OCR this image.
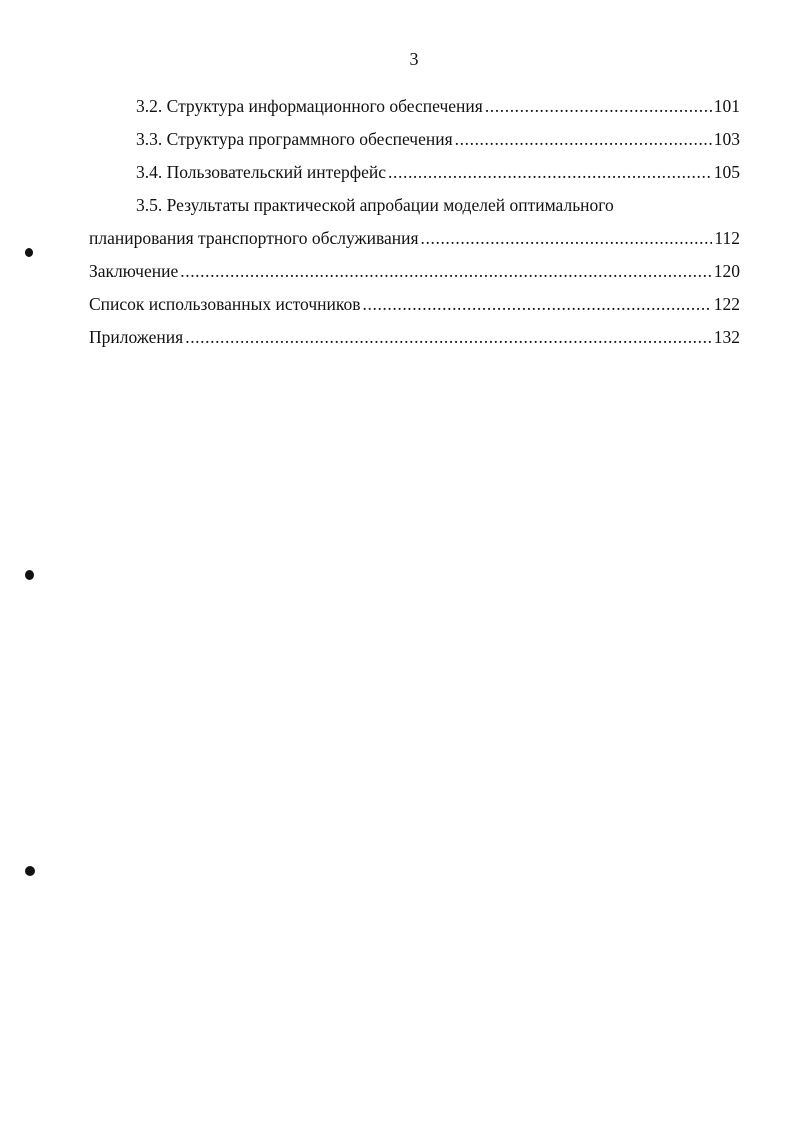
3
3.2. Структура информационного обеспечения .....	101
3.3. Структура программного обеспечения .....	103
3.4. Пользовательский интерфейс .....	105
3.5. Результаты практической апробации моделей оптимального
планирования транспортного обслуживания .....	112
Заключение .....	120
Список использованных источников .....	122
Приложения .....	132
